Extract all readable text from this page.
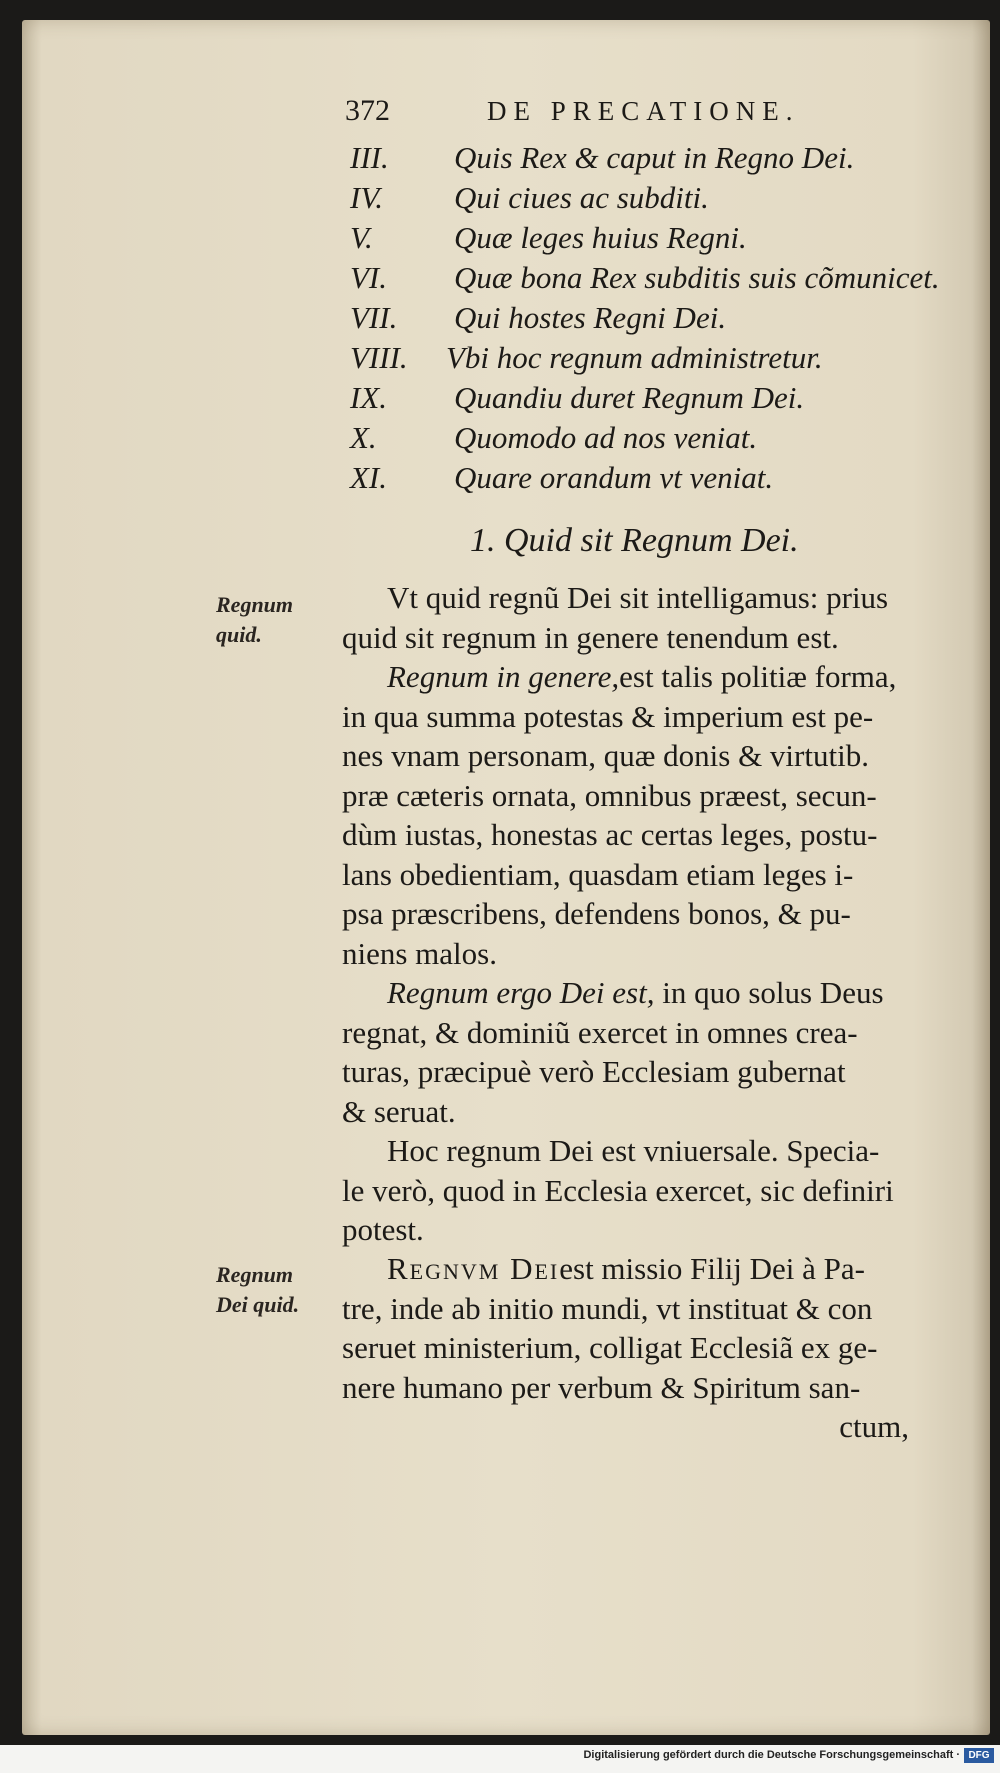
372	DE PRECATIONE.
III. Quis Rex & caput in Regno Dei.
IV. Qui ciues ac subditi.
V.	Quæ leges huius Regni.
VI. Quæ bona Rex subditis suis cõmunicet.
VII. Qui hostes Regni Dei.
VIII. Vbi hoc regnum administretur.
IX. Quandiu duret Regnum Dei.
X. Quomodo ad nos veniat.
XI. Quare orandum vt veniat.
1. Quid sit Regnum Dei.
Regnum
quid.
Regnum
Dei quid.
Vt quid regnũ Dei sit intelligamus: prius
quid sit regnum in genere tenendum est.
Regnum in genere,est talis politiæ forma,
in qua summa potestas & imperium est pe-
nes vnam personam, quæ donis & virtutib.
præ cæteris ornata, omnibus præest, secun-
dùm iustas, honestas ac certas leges, postu-
lans obedientiam, quasdam etiam leges i-
psa præscribens, defendens bonos, & pu-
niens malos.
Regnum ergo Dei est, in quo solus Deus
regnat, & dominiũ exercet in omnes crea-
turas, præcipuè verò Ecclesiam gubernat
& seruat.
Hoc regnum Dei est vniuersale. Specia-
le verò, quod in Ecclesia exercet, sic definiri
potest.
Regnvm Deiest missio Filij Dei à Pa-
tre, inde ab initio mundi, vt instituat & con
seruet ministerium, colligat Ecclesiã ex ge-
nere humano per verbum & Spiritum san-
ctum,
Digitalisierung gefördert durch die Deutsche Forschungsgemeinschaft · DFG
